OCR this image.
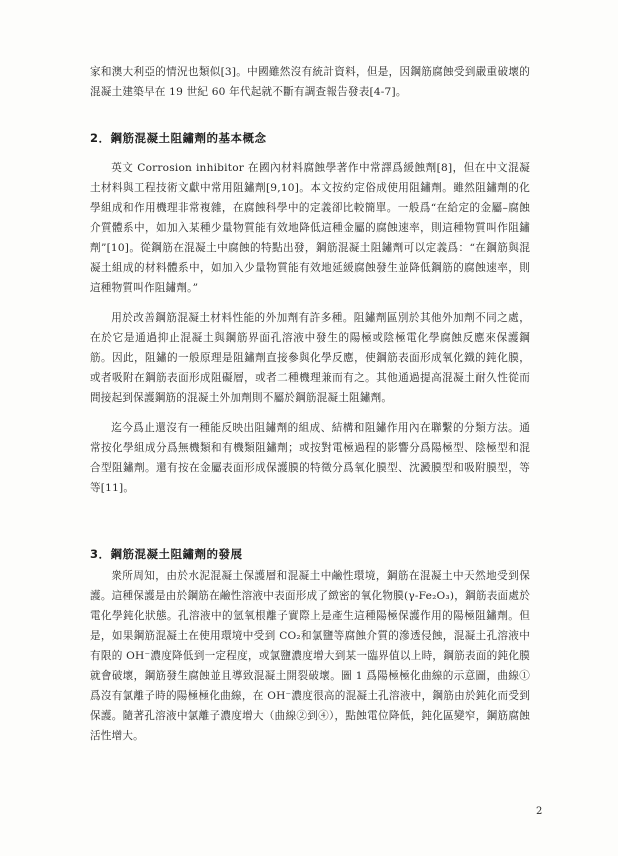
家和澳大利亞的情況也類似[3]。中國雖然沒有統計資料，但是，因鋼筋腐蝕受到嚴重破壞的混凝土建築早在 19 世紀 60 年代起就不斷有調查報告發表[4-7]。

2．鋼筋混凝土阻鏽劑的基本概念

英文 Corrosion inhibitor 在國內材料腐蝕學著作中常譯爲緩蝕劑[8]，但在中文混凝土材料與工程技術文獻中常用阻鏽劑[9,10]。本文按約定俗成使用阻鏽劑。雖然阻鏽劑的化學組成和作用機理非常複雜，在腐蝕科學中的定義卻比較簡單。一般爲“在給定的金屬–腐蝕介質體系中，如加入某種少量物質能有效地降低這種金屬的腐蝕速率，則這種物質叫作阻鏽劑”[10]。從鋼筋在混凝土中腐蝕的特點出發，鋼筋混凝土阻鏽劑可以定義爲：“在鋼筋與混凝土組成的材料體系中，如加入少量物質能有效地延緩腐蝕發生並降低鋼筋的腐蝕速率，則這種物質叫作阻鏽劑。”

用於改善鋼筋混凝土材料性能的外加劑有許多種。阻鏽劑區別於其他外加劑不同之處，在於它是通過抑止混凝土與鋼筋界面孔溶液中發生的陽極或陰極電化學腐蝕反應來保護鋼筋。因此，阻鏽的一般原理是阻鏽劑直接參與化學反應，使鋼筋表面形成氧化鐵的鈍化膜，或者吸附在鋼筋表面形成阻礙層，或者二種機理兼而有之。其他通過提高混凝土耐久性從而間接起到保護鋼筋的混凝土外加劑則不屬於鋼筋混凝土阻鏽劑。

迄今爲止還沒有一種能反映出阻鏽劑的組成、結構和阻鏽作用內在聯繫的分類方法。通常按化學組成分爲無機類和有機類阻鏽劑；或按對電極過程的影響分爲陽極型、陰極型和混合型阻鏽劑。還有按在金屬表面形成保護膜的特徵分爲氧化膜型、沈澱膜型和吸附膜型，等等[11]。

3．鋼筋混凝土阻鏽劑的發展

衆所周知，由於水泥混凝土保護層和混凝土中鹼性環境，鋼筋在混凝土中天然地受到保護。這種保護是由於鋼筋在鹼性溶液中表面形成了緻密的氧化物膜(γ-Fe₂O₃)，鋼筋表面處於電化學鈍化狀態。孔溶液中的氫氧根離子實際上是產生這種陽極保護作用的陽極阻鏽劑。但是，如果鋼筋混凝土在使用環境中受到 CO₂和氯鹽等腐蝕介質的滲透侵蝕，混凝土孔溶液中有限的 OH⁻濃度降低到一定程度，或氯鹽濃度增大到某一臨界值以上時，鋼筋表面的鈍化膜就會破壞，鋼筋發生腐蝕並且導致混凝土開裂破壞。圖 1 爲陽極極化曲線的示意圖，曲線①爲沒有氯離子時的陽極極化曲線，在 OH⁻濃度很高的混凝土孔溶液中，鋼筋由於鈍化而受到保護。隨著孔溶液中氯離子濃度增大（曲線②到④），點蝕電位降低，鈍化區變窄，鋼筋腐蝕活性增大。

2
